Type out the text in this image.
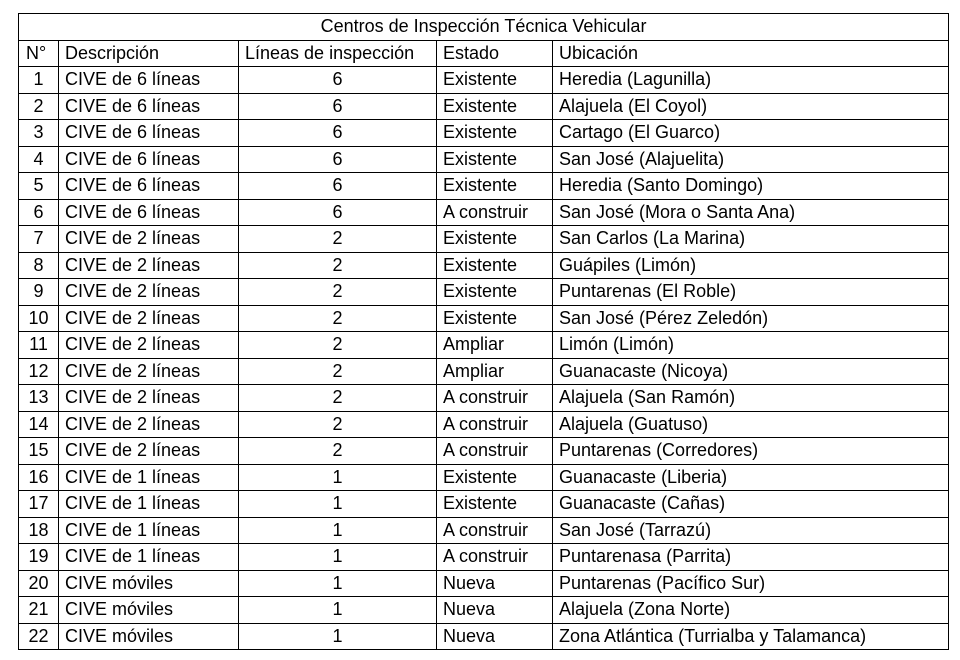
Centros de Inspección Técnica Vehicular				
N°	Descripción	Líneas de inspección	Estado	Ubicación
1	CIVE de 6 líneas	6	Existente	Heredia (Lagunilla)
2	CIVE de 6 líneas	6	Existente	Alajuela (El Coyol)
3	CIVE de 6 líneas	6	Existente	Cartago (El Guarco)
4	CIVE de 6 líneas	6	Existente	San José (Alajuelita)
5	CIVE de 6 líneas	6	Existente	Heredia (Santo Domingo)
6	CIVE de 6 líneas	6	A construir	San José (Mora o Santa Ana)
7	CIVE de 2 líneas	2	Existente	San Carlos (La Marina)
8	CIVE de 2 líneas	2	Existente	Guápiles (Limón)
9	CIVE de 2 líneas	2	Existente	Puntarenas (El Roble)
10	CIVE de 2 líneas	2	Existente	San José (Pérez Zeledón)
11	CIVE de 2 líneas	2	Ampliar	Limón (Limón)
12	CIVE de 2 líneas	2	Ampliar	Guanacaste (Nicoya)
13	CIVE de 2 líneas	2	A construir	Alajuela (San Ramón)
14	CIVE de 2 líneas	2	A construir	Alajuela (Guatuso)
15	CIVE de 2 líneas	2	A construir	Puntarenas (Corredores)
16	CIVE de 1 líneas	1	Existente	Guanacaste (Liberia)
17	CIVE de 1 líneas	1	Existente	Guanacaste (Cañas)
18	CIVE de 1 líneas	1	A construir	San José (Tarrazú)
19	CIVE de 1 líneas	1	A construir	Puntarenasa (Parrita)
20	CIVE móviles	1	Nueva	Puntarenas (Pacífico Sur)
21	CIVE móviles	1	Nueva	Alajuela (Zona Norte)
22	CIVE móviles	1	Nueva	Zona Atlántica (Turrialba y Talamanca)
